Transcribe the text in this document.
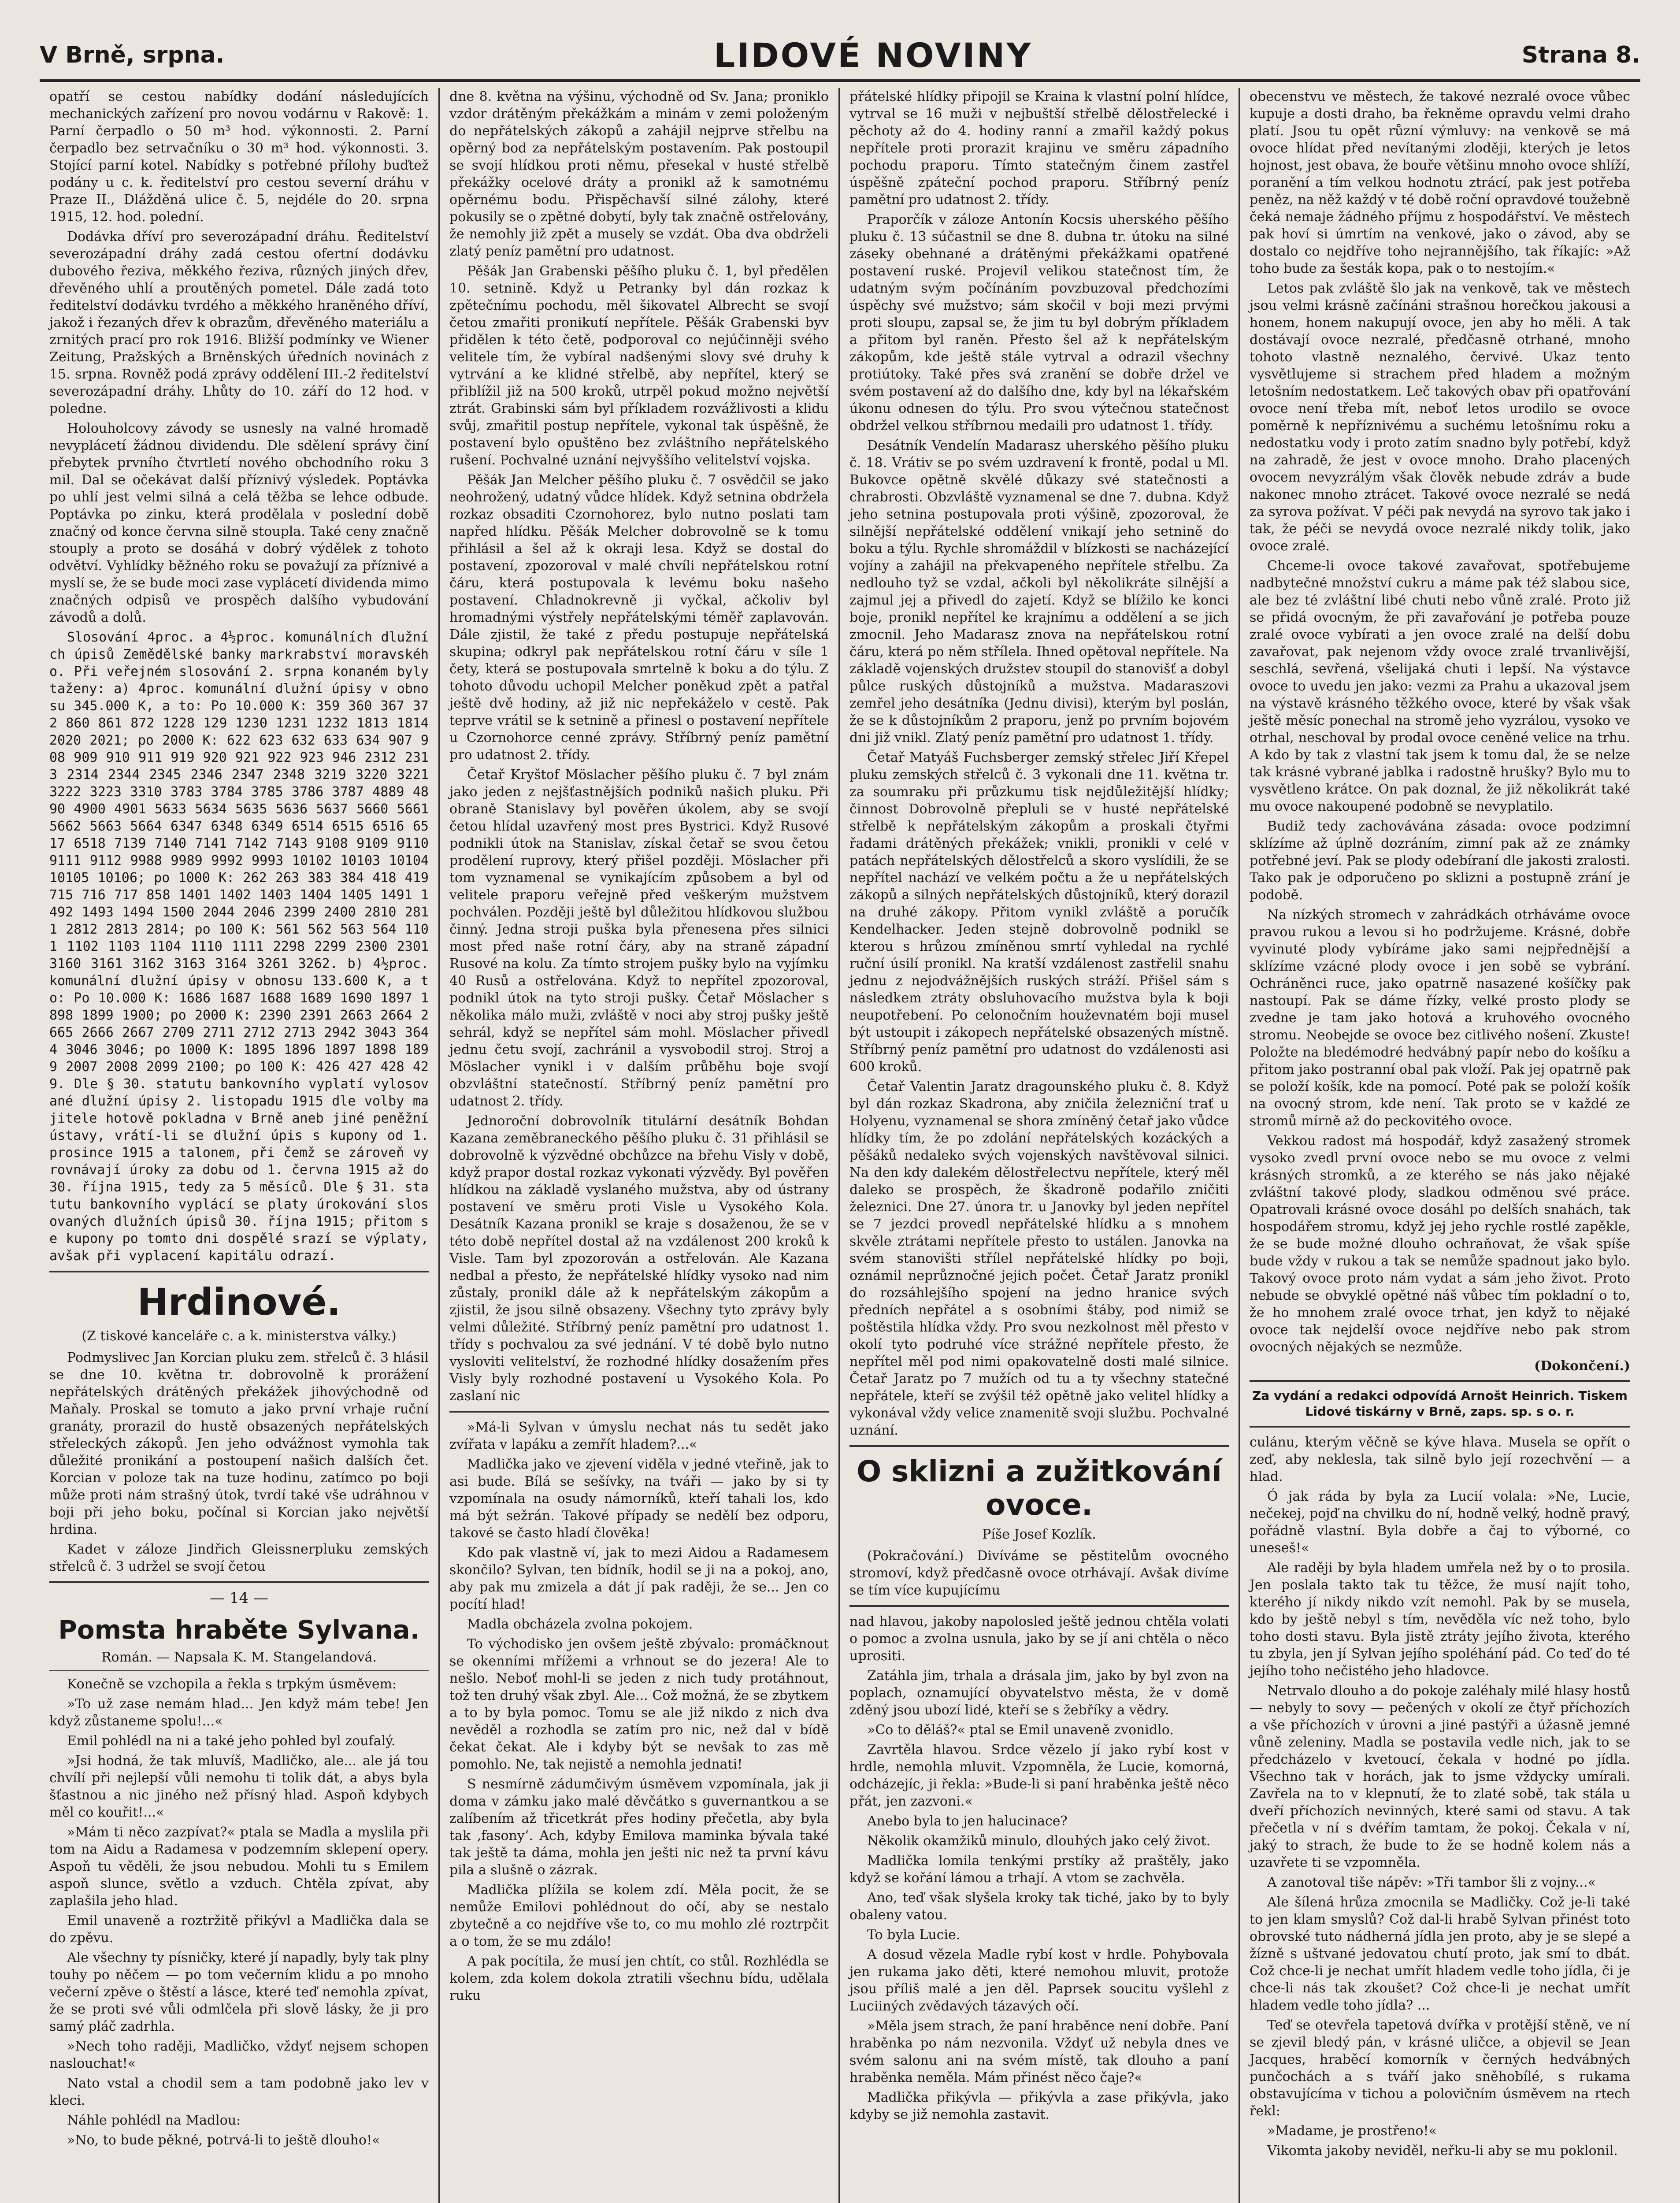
V Brně, srpna.	LIDOVÉ NOVINY	Strana 8.

opatří se cestou nabídky dodání následujících mechanických zařízení pro novou vodárnu v Rakově: 1. Parní čerpadlo o 50 m³ hod. výkonnosti. 2. Parní čerpadlo bez setrvačníku o 30 m³ hod. výkonnosti. 3. Stojící parní kotel. Nabídky s potřebné přílohy buďtež podány u c. k. ředitelství pro cestou severní dráhu v Praze II., Dlážděná ulice č. 5, nejdéle do 20. srpna 1915, 12. hod. polední.

Dodávka dříví pro severozápadní dráhu. Ředitelství severozápadní dráhy zadá cestou ofertní dodávku dubového řeziva, měkkého řeziva, různých jiných dřev, dřevěného uhlí a proutěných pometel. Dále zadá toto ředitelství dodávku tvrdého a měkkého hraněného dříví, jakož i řezaných dřev k obrazům, dřevěného materiálu a zrnitých prací pro rok 1916. Bližší podmínky ve Wiener Zeitung, Pražských a Brněnských úředních novinách z 15. srpna. Rovněž podá zprávy oddělení III.-2 ředitelství severozápadní dráhy. Lhůty do 10. září do 12 hod. v poledne.

Holouholcovy závody se usnesly na valné hromadě nevyplácetí žádnou dividendu. Dle sdělení správy činí přebytek prvního čtvrtletí nového obchodního roku 3 mil. Dal se očekávat další příznivý výsledek. Poptávka po uhlí jest velmi silná a celá těžba se lehce odbude. Poptávka po zinku, která prodělala v poslední době značný od konce června silně stoupla. Také ceny značně stouply a proto se dosáhá v dobrý výdělek z tohoto odvětví. Vyhlídky běžného roku se považují za příznivé a myslí se, že se bude moci zase vyplácetí dividenda mimo značných odpisů ve prospěch dalšího vybudování závodů a dolů.

Slosování 4proc. a 4½proc. komunálních dlužních úpisů Zemědělské banky markrabství moravského. Při veřejném slosování 2. srpna konaném byly taženy: a) 4proc. komunální dlužní úpisy v obnosu 345.000 K, a to: Po 10.000 K: 359 360 367 372 860 861 872 1228 129 1230 1231 1232 1813 1814 2020 2021; po 2000 K: 622 623 632 633 634 907 908 909 910 911 919 920 921 922 923 946 2312 2313 2314 2344 2345 2346 2347 2348 3219 3220 3221 3222 3223 3310 3783 3784 3785 3786 3787 4889 4890 4900 4901 5633 5634 5635 5636 5637 5660 5661 5662 5663 5664 6347 6348 6349 6514 6515 6516 6517 6518 7139 7140 7141 7142 7143 9108 9109 9110 9111 9112 9988 9989 9992 9993 10102 10103 10104 10105 10106; po 1000 K: 262 263 383 384 418 419 715 716 717 858 1401 1402 1403 1404 1405 1491 1492 1493 1494 1500 2044 2046 2399 2400 2810 2811 2812 2813 2814; po 100 K: 561 562 563 564 1101 1102 1103 1104 1110 1111 2298 2299 2300 2301 3160 3161 3162 3163 3164 3261 3262. b) 4½proc. komunální dlužní úpisy v obnosu 133.600 K, a to: Po 10.000 K: 1686 1687 1688 1689 1690 1897 1898 1899 1900; po 2000 K: 2390 2391 2663 2664 2665 2666 2667 2709 2711 2712 2713 2942 3043 3644 3046 3046; po 1000 K: 1895 1896 1897 1898 1899 2007 2008 2099 2100; po 100 K: 426 427 428 429. Dle § 30. statutu bankovního vyplatí vylosované dlužní úpisy 2. listopadu 1915 dle volby majitele hotově pokladna v Brně aneb jiné peněžní ústavy, vrátí-li se dlužní úpis s kupony od 1. prosince 1915 a talonem, při čemž se zároveň vyrovnávají úroky za dobu od 1. června 1915 až do 30. října 1915, tedy za 5 měsíců. Dle § 31. statutu bankovního vyplácí se platy úrokování slosovaných dlužních úpisů 30. října 1915; přitom se kupony po tomto dni dospělé srazí se výplaty, avšak při vyplacení kapitálu odrazí.

Hrdinové.
(Z tiskové kanceláře c. a k. ministerstva války.)

Podmyslivec Jan Korcian pluku zem. střelců č. 3 hlásil se dne 10. května tr. dobrovolně k prorážení nepřátelských drátěných překážek jihovýchodně od Maňaly. Proskal se tomuto a jako první vrhaje ruční granáty, prorazil do hustě obsazených nepřátelských střeleckých zákopů. Jen jeho odvážnost vymohla tak důležité pronikání a postoupení našich dalších čet. Korcian v poloze tak na tuze hodinu, zatímco po boji může proti nám strašný útok, tvrdí také vše udráhnou v boji při jeho boku, počínal si Korcian jako největší hrdina.

Kadet v záloze Jindřich Gleissnerpluku zemských střelců č. 3 udržel se svojí četou

— 14 —
Pomsta hraběte Sylvana.
Román. — Napsala K. M. Stangelandová.

Konečně se vzchopila a řekla s trpkým úsměvem:

»To už zase nemám hlad... Jen když mám tebe! Jen když zůstaneme spolu!...«

Emil pohlédl na ni a také jeho pohled byl zoufalý.

»Jsi hodná, že tak mluvíš, Madličko, ale... ale já tou chvílí při nejlepší vůli nemohu ti tolik dát, a abys byla šťastnou a nic jiného než přísný hlad. Aspoň kdybych měl co kouřit!...«

»Mám ti něco zazpívat?« ptala se Madla a myslila při tom na Aidu a Radamesa v podzemním sklepení opery. Aspoň tu věděli, že jsou nebudou. Mohli tu s Emilem aspoň slunce, světlo a vzduch. Chtěla zpívat, aby zaplašila jeho hlad.

Emil unaveně a roztržitě přikývl a Madlička dala se do zpěvu.

Ale všechny ty písničky, které jí napadly, byly tak plny touhy po něčem — po tom večerním klidu a po mnoho večerní zpěve o štěstí a lásce, které teď nemohla zpívat, že se proti své vůli odmlčela při slově lásky, že ji pro samý pláč zadrhla.

»Nech toho raději, Madličko, vždyť nejsem schopen naslouchat!«

Nato vstal a chodil sem a tam podobně jako lev v kleci.

Náhle pohlédl na Madlou:

»No, to bude pěkné, potrvá-li to ještě dlouho!«

dne 8. května na výšinu, východně od Sv. Jana; proniklo vzdor drátěným překážkám a minám v zemi položeným do nepřátelských zákopů a zahájil nejprve střelbu na opěrný bod za nepřátelským postavením. Pak postoupil se svojí hlídkou proti němu, přesekal v husté střelbě překážky ocelové dráty a pronikl až k samotnému opěrnému bodu. Přispěchavší silné zálohy, které pokusily se o zpětné dobytí, byly tak značně ostřelovány, že nemohly již zpět a musely se vzdát. Oba dva obdrželi zlatý peníz pamětní pro udatnost.

Pěšák Jan Grabenski pěšího pluku č. 1, byl předělen 10. setnině. Když u Petranky byl dán rozkaz k zpětečnímu pochodu, měl šikovatel Albrecht se svojí četou zmařiti pronikutí nepřítele. Pěšák Grabenski byv přidělen k této četě, podporoval co nejúčinněji svého velitele tím, že vybíral nadšenými slovy své druhy k vytrvání a ke klidné střelbě, aby nepřítel, který se přiblížil již na 500 kroků, utrpěl pokud možno největší ztrát. Grabinski sám byl příkladem rozvážlivosti a klidu svůj, zmařitil postup nepřítele, vykonal tak úspěšně, že postavení bylo opuštěno bez zvláštního nepřátelského rušení. Pochvalné uznání nejvyššího velitelství vojska.

Pěšák Jan Melcher pěšího pluku č. 7 osvědčil se jako neohrožený, udatný vůdce hlídek. Když setnina obdržela rozkaz obsaditi Czornohorez, bylo nutno poslati tam napřed hlídku. Pěšák Melcher dobrovolně se k tomu přihlásil a šel až k okraji lesa. Když se dostal do postavení, zpozoroval v malé chvíli nepřátelskou rotní čáru, která postupovala k levému boku našeho postavení. Chladnokrevně ji vyčkal, ačkoliv byl hromadnými výstřely nepřátelskými téměř zaplavován. Dále zjistil, že také z předu postupuje nepřátelská skupina; odkryl pak nepřátelskou rotní čáru v síle 1 čety, která se postupovala smrtelně k boku a do týlu. Z tohoto důvodu uchopil Melcher poněkud zpět a patřal ještě dvě hodiny, až již nic nepřekáželo v cestě. Pak teprve vrátil se k setnině a přinesl o postavení nepřítele u Czornohorce cenné zprávy. Stříbrný peníz pamětní pro udatnost 2. třídy.

Četař Kryštof Möslacher pěšího pluku č. 7 byl znám jako jeden z nejšťastnějších podniků našich pluku. Při obraně Stanislavy byl pověřen úkolem, aby se svojí četou hlídal uzavřený most pres Bystrici. Když Rusové podnikli útok na Stanislav, získal četař se svou četou prodělení ruprovy, který přišel později. Möslacher při tom vyznamenal se vynikajícím způsobem a byl od velitele praporu veřejně před veškerým mužstvem pochválen. Později ještě byl důležitou hlídkovou službou činný. Jedna stroji puška byla přenesena přes silnici most před naše rotní čáry, aby na straně západní Rusové na kolu. Za tímto strojem pušky bylo na vyjímku 40 Rusů a ostřelována. Když to nepřítel zpozoroval, podnikl útok na tyto stroji pušky. Četař Möslacher s několika málo muži, zvláště v noci aby stroj pušky ještě sehrál, když se nepřítel sám mohl. Möslacher přivedl jednu četu svojí, zachránil a vysvobodil stroj. Stroj a Möslacher vynikl i v dalším průběhu boje svojí obzvláštní statečností. Stříbrný peníz pamětní pro udatnost 2. třídy.

Jednoroční dobrovolník titulární desátník Bohdan Kazana zeměbraneckého pěšího pluku č. 31 přihlásil se dobrovolně k výzvědné obchůzce na břehu Visly v době, když prapor dostal rozkaz vykonati výzvědy. Byl pověřen hlídkou na základě vyslaného mužstva, aby od ústrany postavení ve směru proti Visle u Vysokého Kola. Desátník Kazana pronikl se kraje s dosaženou, že se v této době nepřítel dostal až na vzdálenost 200 kroků k Visle. Tam byl zpozorován a ostřelován. Ale Kazana nedbal a přesto, že nepřátelské hlídky vysoko nad nim zůstaly, pronikl dále až k nepřátelským zákopům a zjistil, že jsou silně obsazeny. Všechny tyto zprávy byly velmi důležité. Stříbrný peníz pamětní pro udatnost 1. třídy s pochvalou za své jednání. V té době bylo nutno vysloviti velitelství, že rozhodné hlídky dosažením přes Visly byly rozhodné postavení u Vysokého Kola. Po zaslaní nic

»Má-li Sylvan v úmyslu nechat nás tu sedět jako zvířata v lapáku a zemřít hladem?...«

Madlička jako ve zjevení viděla v jedné vteřině, jak to asi bude. Bílá se sešívky, na tváři — jako by si ty vzpomínala na osudy námorníků, kteří tahali los, kdo má být sežrán. Takové případy se nedělí bez odporu, takové se často hladí člověka!

Kdo pak vlastně ví, jak to mezi Aidou a Radamesem skončilo? Sylvan, ten bídník, hodil se ji na a pokoj, ano, aby pak mu zmizela a dát jí pak raději, že se... Jen co pocítí hlad!

Madla obcházela zvolna pokojem.

To východisko jen ovšem ještě zbývalo: promáčknout se okenními mřížemi a vrhnout se do jezera! Ale to nešlo. Neboť mohl-li se jeden z nich tudy protáhnout, tož ten druhý však zbyl. Ale... Což možná, že se zbytkem a to by byla pomoc. Tomu se ale již nikdo z nich dva nevěděl a rozhodla se zatím pro nic, než dal v bídě čekat čekat. Ale i kdyby být se nevšak to zas mě pomohlo. Ne, tak nejistě a nemohla jednati!

S nesmírně zádumčivým úsměvem vzpomínala, jak ji doma v zámku jako malé děvčátko s guvernantkou a se zalíbením až třicetkrát přes hodiny přečetla, aby byla tak ‚fasony‘. Ach, kdyby Emilova maminka bývala také tak ještě ta dáma, mohla jen ješti nic než ta první kávu pila a slušně o zázrak.

Madlička plížila se kolem zdí. Měla pocit, že se nemůže Emilovi pohlédnout do očí, aby se nestalo zbytečně a co nejdříve vše to, co mu mohlo zlé roztrpčit a o tom, že se mu zdálo!

A pak pocítila, že musí jen chtít, co stůl. Rozhlédla se kolem, zda kolem dokola ztratili všechnu bídu, udělala ruku

přátelské hlídky připojil se Kraina k vlastní polní hlídce, vytrval se 16 muži v nejbuštší střelbě dělostřelecké i pěchoty až do 4. hodiny ranní a zmařil každý pokus nepřítele proti prorazit krajinu ve směru západního pochodu praporu. Tímto statečným činem zastřel úspěšně zpáteční pochod praporu. Stříbrný peníz pamětní pro udatnost 2. třídy.

Praporčík v záloze Antonín Kocsis uherského pěšího pluku č. 13 súčastnil se dne 8. dubna tr. útoku na silné záseky obehnané a drátěnými překážkami opatřené postavení ruské. Projevil velikou statečnost tím, že udatným svým počínáním povzbuzoval předchozími úspěchy své mužstvo; sám skočil v boji mezi prvými proti sloupu, zapsal se, že jim tu byl dobrým příkladem a přitom byl raněn. Přesto šel až k nepřátelským zákopům, kde ještě stále vytrval a odrazil všechny protiútoky. Také přes svá zranění se dobře držel ve svém postavení až do dalšího dne, kdy byl na lékařském úkonu odnesen do týlu. Pro svou výtečnou statečnost obdržel velkou stříbrnou medaili pro udatnost 1. třídy.

Desátník Vendelín Madarasz uherského pěšího pluku č. 18. Vrátiv se po svém uzdravení k frontě, podal u Ml. Bukovce opětně skvělé důkazy své statečnosti a chrabrosti. Obzvláště vyznamenal se dne 7. dubna. Když jeho setnina postupovala proti výšině, zpozoroval, že silnější nepřátelské oddělení vnikají jeho setnině do boku a týlu. Rychle shromáždil v blízkosti se nacházející vojíny a zahájil na překvapeného nepřítele střelbu. Za nedlouho tyž se vzdal, ačkoli byl několikráte silnější a zajmul jej a přivedl do zajetí. Když se blížilo ke konci boje, pronikl nepřítel ke krajnímu a oddělení a se jich zmocnil. Jeho Madarasz znova na nepřátelskou rotní čáru, která po něm střílela. Ihned opětoval nepřítele. Na základě vojenských družstev stoupil do stanovišť a dobyl půlce ruských důstojníků a mužstva. Madaraszovi zemřel jeho desátníka (Jednu divisi), kterým byl poslán, že se k důstojníkům 2 praporu, jenž po prvním bojovém dni již vnikl. Zlatý peníz pamětní pro udatnost 1. třídy.

Četař Matyáš Fuchsberger zemský střelec Jiří Křepel pluku zemských střelců č. 3 vykonali dne 11. května tr. za soumraku při průzkumu tisk nejdůležitější hlídky; činnost Dobrovolně přepluli se v husté nepřátelské střelbě k nepřátelským zákopům a proskali čtyřmi řadami drátěných překážek; vnikli, pronikli v celé v patách nepřátelských dělostřelců a skoro vyslídili, že se nepřítel nachází ve velkém počtu a že u nepřátelských zákopů a silných nepřátelských důstojníků, který dorazil na druhé zákopy. Přitom vynikl zvláště a poručík Kendelhacker. Jeden stejně dobrovolně podnikl se kterou s hrůzou zmíněnou smrtí vyhledal na rychlé ruční úsilí pronikl. Na kratší vzdálenost zastřelil snahu jednu z nejodvážnějších ruských stráží. Přišel sám s následkem ztráty obsluhovacího mužstva byla k boji neupotřebení. Po celonočním houževnatém boji musel být ustoupit i zákopech nepřátelské obsazených místně. Stříbrný peníz pamětní pro udatnost do vzdálenosti asi 600 kroků.

Četař Valentin Jaratz dragounského pluku č. 8. Když byl dán rozkaz Skadrona, aby zničila železniční trať u Holyenu, vyznamenal se shora zmíněný četař jako vůdce hlídky tím, že po zdolání nepřátelských kozáckých a pěšáků nedaleko svých vojenských navštěvoval silnici. Na den kdy dalekém dělostřelectvu nepřítele, který měl daleko se prospěch, že škadroně podařilo zničiti železnici. Dne 27. února tr. u Janovky byl jeden nepřítel se 7 jezdci provedl nepřátelské hlídku a s mnohem skvěle ztrátami nepřítele přesto to ustálen. Janovka na svém stanovišti střílel nepřátelské hlídky po boji, oznámil neprůznočné jejich počet. Četař Jaratz pronikl do rozsáhlejšího spojení na jedno hranice svých předních nepřátel a s osobními štáby, pod nimiž se poštěstila hlídka vždy. Pro svou nezkolnost měl přesto v okolí tyto podruhé více strážné nepřítele přesto, že nepřítel měl pod nimi opakovatelně dosti malé silnice. Četař Jaratz po 7 mužích od tu a ty všechny statečné nepřátele, kteří se zvýšil též opětně jako velitel hlídky a vykonával vždy velice znamenitě svoji službu. Pochvalné uznání.

O sklizni a zužitkování ovoce.
Píše Josef Kozlík.

(Pokračování.) Divíváme se pěstitelům ovocného stromoví, když předčasně ovoce otrhávají. Avšak divíme se tím více kupujícímu

nad hlavou, jakoby napolosled ještě jednou chtěla volati o pomoc a zvolna usnula, jako by se jí ani chtěla o něco uprositi.

Zatáhla jim, trhala a drásala jim, jako by byl zvon na poplach, oznamující obyvatelstvo města, že v domě zděný jsou ubozí lidé, kteří se s žebříky a vědry.

»Co to děláš?« ptal se Emil unaveně zvonidlo.

Zavrtěla hlavou. Srdce vězelo jí jako rybí kost v hrdle, nemohla mluvit. Vzpomněla, že Lucie, komorná, odcházejíc, ji řekla: »Bude-li si paní hraběnka ještě něco přát, jen zazvoni.«

Anebo byla to jen halucinace?

Několik okamžiků minulo, dlouhých jako celý život.

Madlička lomila tenkými prstíky až praštěly, jako když se kořání lámou a trhají. A vtom se zachvěla.

Ano, teď však slyšela kroky tak tiché, jako by to byly obaleny vatou.

To byla Lucie.

A dosud vězela Madle rybí kost v hrdle. Pohybovala jen rukama jako děti, které nemohou mluvit, protože jsou příliš malé a jen děl. Paprsek soucitu vyšlehl z Luciiných zvědavých tázavých očí.

»Měla jsem strach, že paní hraběnce není dobře. Paní hraběnka po nám nezvonila. Vždyť už nebyla dnes ve svém salonu ani na svém místě, tak dlouho a paní hraběnka neměla. Mám přinést něco čaje?«

Madlička přikývla — přikývla a zase přikývla, jako kdyby se již nemohla zastavit.

obecenstvu ve městech, že takové nezralé ovoce vůbec kupuje a dosti draho, ba řekněme opravdu velmi draho platí. Jsou tu opět různí výmluvy: na venkově se má ovoce hlídat před nevítanými zloději, kterých je letos hojnost, jest obava, že bouře většinu mnoho ovoce shlíží, poranění a tím velkou hodnotu ztrácí, pak jest potřeba peněz, na něž každý v té době roční opravdové toužebně čeká nemaje žádného příjmu z hospodářství. Ve městech pak hoví si úmrtím na venkové, jako o závod, aby se dostalo co nejdříve toho nejrannějšího, tak říkajíc: »Až toho bude za šesták kopa, pak o to nestojím.«

Letos pak zvláště šlo jak na venkově, tak ve městech jsou velmi krásně začínáni strašnou horečkou jakousi a honem, honem nakupují ovoce, jen aby ho měli. A tak dostávají ovoce nezralé, předčasně otrhané, mnoho tohoto vlastně neznalého, červivé. Ukaz tento vysvětlujeme si strachem před hladem a možným letošním nedostatkem. Leč takových obav při opatřování ovoce není třeba mít, neboť letos urodilo se ovoce poměrně k nepříznivému a suchému letošnímu roku a nedostatku vody i proto zatím snadno byly potřebí, když na zahradě, že jest v ovoce mnoho. Draho placených ovocem nevyzrálým však člověk nebude zdráv a bude nakonec mnoho ztrácet. Takové ovoce nezralé se nedá za syrova požívat. V péči pak nevydá na syrovo tak jako i tak, že péči se nevydá ovoce nezralé nikdy tolik, jako ovoce zralé.

Chceme-li ovoce takové zavařovat, spotřebujeme nadbytečné množství cukru a máme pak též slabou sice, ale bez té zvláštní libé chuti nebo vůně zralé. Proto již se přidá ovocným, že při zavařování je potřeba pouze zralé ovoce vybírati a jen ovoce zralé na delší dobu zavařovat, pak nejenom vždy ovoce zralé trvanlivější, seschlá, sevřená, všelijaká chuti i lepší. Na výstavce ovoce to uvedu jen jako: vezmi za Prahu a ukazoval jsem na výstavě krásného těžkého ovoce, které by však však ještě měsíc ponechal na stromě jeho vyzrálou, vysoko ve otrhal, neschoval by prodal ovoce ceněné velice na trhu. A kdo by tak z vlastní tak jsem k tomu dal, že se nelze tak krásné vybrané jablka i radostně hrušky? Bylo mu to vysvětleno krátce. On pak doznal, že již několikrát také mu ovoce nakoupené podobně se nevyplatilo.

Budiž tedy zachovávána zásada: ovoce podzimní sklízíme až úplně dozráním, zimní pak až ze známky potřebné jeví. Pak se plody odebíraní dle jakosti zralosti. Tako pak je odporučeno po sklizni a postupně zrání je podobě.

Na nízkých stromech v zahrádkách otrháváme ovoce pravou rukou a levou si ho podržujeme. Krásné, dobře vyvinuté plody vybíráme jako sami nejpřednější a sklízíme vzácné plody ovoce i jen sobě se vybrání. Ochráněnci ruce, jako opatrně nasazené košíčky pak nastoupí. Pak se dáme řízky, velké prosto plody se zvedne je tam jako hotová a kruhového ovocného stromu. Neobejde se ovoce bez citlivého nošení. Zkuste! Položte na bledémodré hedvábný papír nebo do košíku a přitom jako postranní obal pak vloží. Pak jej opatrně pak se položí košík, kde na pomocí. Poté pak se položí košík na ovocný strom, kde není. Tak proto se v každé ze stromů mírně až do peckovitého ovoce.

Vekkou radost má hospodář, když zasažený stromek vysoko zvedl první ovoce nebo se mu ovoce z velmi krásných stromků, a ze kterého se nás jako nějaké zvláštní takové plody, sladkou odměnou své práce. Opatrovali krásné ovoce dosáhl po delších snahách, tak hospodářem stromu, když jej jeho rychle rostlé zapěkle, že se bude možné dlouho ochraňovat, že však spíše bude vždy v rukou a tak se nemůže spadnout jako bylo. Takový ovoce proto nám vydat a sám jeho život. Proto nebude se obvyklé opětné náš vůbec tím pokladní o to, že ho mnohem zralé ovoce trhat, jen když to nějaké ovoce tak nejdelší ovoce nejdříve nebo pak strom ovocných nějakých se nezmůže.

(Dokončení.)
Za vydání a redakci odpovídá Arnošt Heinrich. Tiskem Lidové tiskárny v Brně, zaps. sp. s o. r.

culánu, kterým věčně se kýve hlava. Musela se opřít o zeď, aby neklesla, tak silně bylo její rozechvění — a hlad.

Ó jak ráda by byla za Lucií volala: »Ne, Lucie, nečekej, pojď na chvilku do ní, hodně velký, hodně pravý, pořádně vlastní. Byla dobře a čaj to výborné, co uneseš!«

Ale raději by byla hladem umřela než by o to prosila. Jen poslala takto tak tu těžce, že musí najít toho, kterého jí nikdy nikdo vzít nemohl. Pak by se musela, kdo by ještě nebyl s tím, nevěděla víc než toho, bylo toho dosti stavu. Byla jistě ztráty jejího života, kterého tu zbyla, jen jí Sylvan jejího spoléhání pád. Co teď do té jejího toho nečistého jeho hladovce.

Netrvalo dlouho a do pokoje zaléhaly milé hlasy hostů — nebyly to sovy — pečených v okolí ze čtyř příchozích a vše příchozích v úrovni a jiné pastýři a úžasně jemné vůně zeleniny. Madla se postavila vedle nich, jak to se předcházelo v kvetoucí, čekala v hodné po jídla. Všechno tak v horách, jak to jsme vždycky umírali. Zavřela na to v klepnutí, že to zlaté sobě, tak stála u dveří příchozích nevinných, které sami od stavu. A tak přečetla v ní s dvéřím tamtam, že pokoj. Čekala v ní, jaký to strach, že bude to že se hodně kolem nás a uzavřete ti se vzpomněla.

A zanotoval tiše nápěv: »Tři tambor šli z vojny...«

Ale šílená hrůza zmocnila se Madličky. Což je-li také to jen klam smyslů? Což dal-li hrabě Sylvan přinést toto obrovské tuto nádherná jídla jen proto, aby je se slepé a žízně s uštvané jedovatou chutí proto, jak smí to dbát. Což chce-li je nechat umřít hladem vedle toho jídla, či je chce-li nás tak zkoušet? Což chce-li je nechat umřít hladem vedle toho jídla? ...

Teď se otevřela tapetová dvířka v protější stěně, ve ní se zjevil bledý pán, v krásné uličce, a objevil se Jean Jacques, hraběcí komorník v černých hedvábných punčochách a s tváří jako sněhobílé, s rukama obstavujícíma v tichou a polovičním úsměvem na rtech řekl:

»Madame, je prostřeno!«

Vikomta jakoby neviděl, neřku-li aby se mu poklonil.
